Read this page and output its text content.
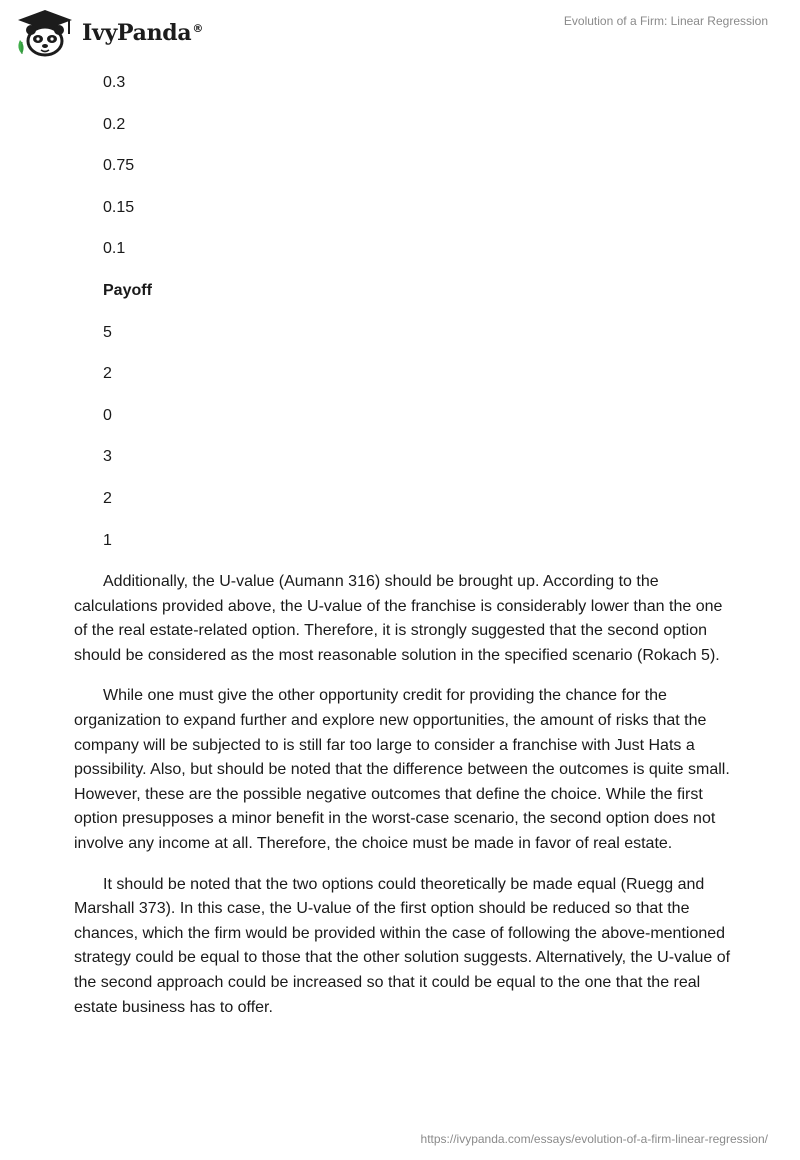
IvyPanda®
Evolution of a Firm: Linear Regression
0.3
0.2
0.75
0.15
0.1
Payoff
5
2
0
3
2
1

Additionally, the U-value (Aumann 316) should be brought up. According to the calculations provided above, the U-value of the franchise is considerably lower than the one of the real estate-related option. Therefore, it is strongly suggested that the second option should be considered as the most reasonable solution in the specified scenario (Rokach 5).

While one must give the other opportunity credit for providing the chance for the organization to expand further and explore new opportunities, the amount of risks that the company will be subjected to is still far too large to consider a franchise with Just Hats a possibility. Also, but should be noted that the difference between the outcomes is quite small. However, these are the possible negative outcomes that define the choice. While the first option presupposes a minor benefit in the worst-case scenario, the second option does not involve any income at all. Therefore, the choice must be made in favor of real estate.

It should be noted that the two options could theoretically be made equal (Ruegg and Marshall 373). In this case, the U-value of the first option should be reduced so that the chances, which the firm would be provided within the case of following the above-mentioned strategy could be equal to those that the other solution suggests. Alternatively, the U-value of the second approach could be increased so that it could be equal to the one that the real estate business has to offer.

https://ivypanda.com/essays/evolution-of-a-firm-linear-regression/
